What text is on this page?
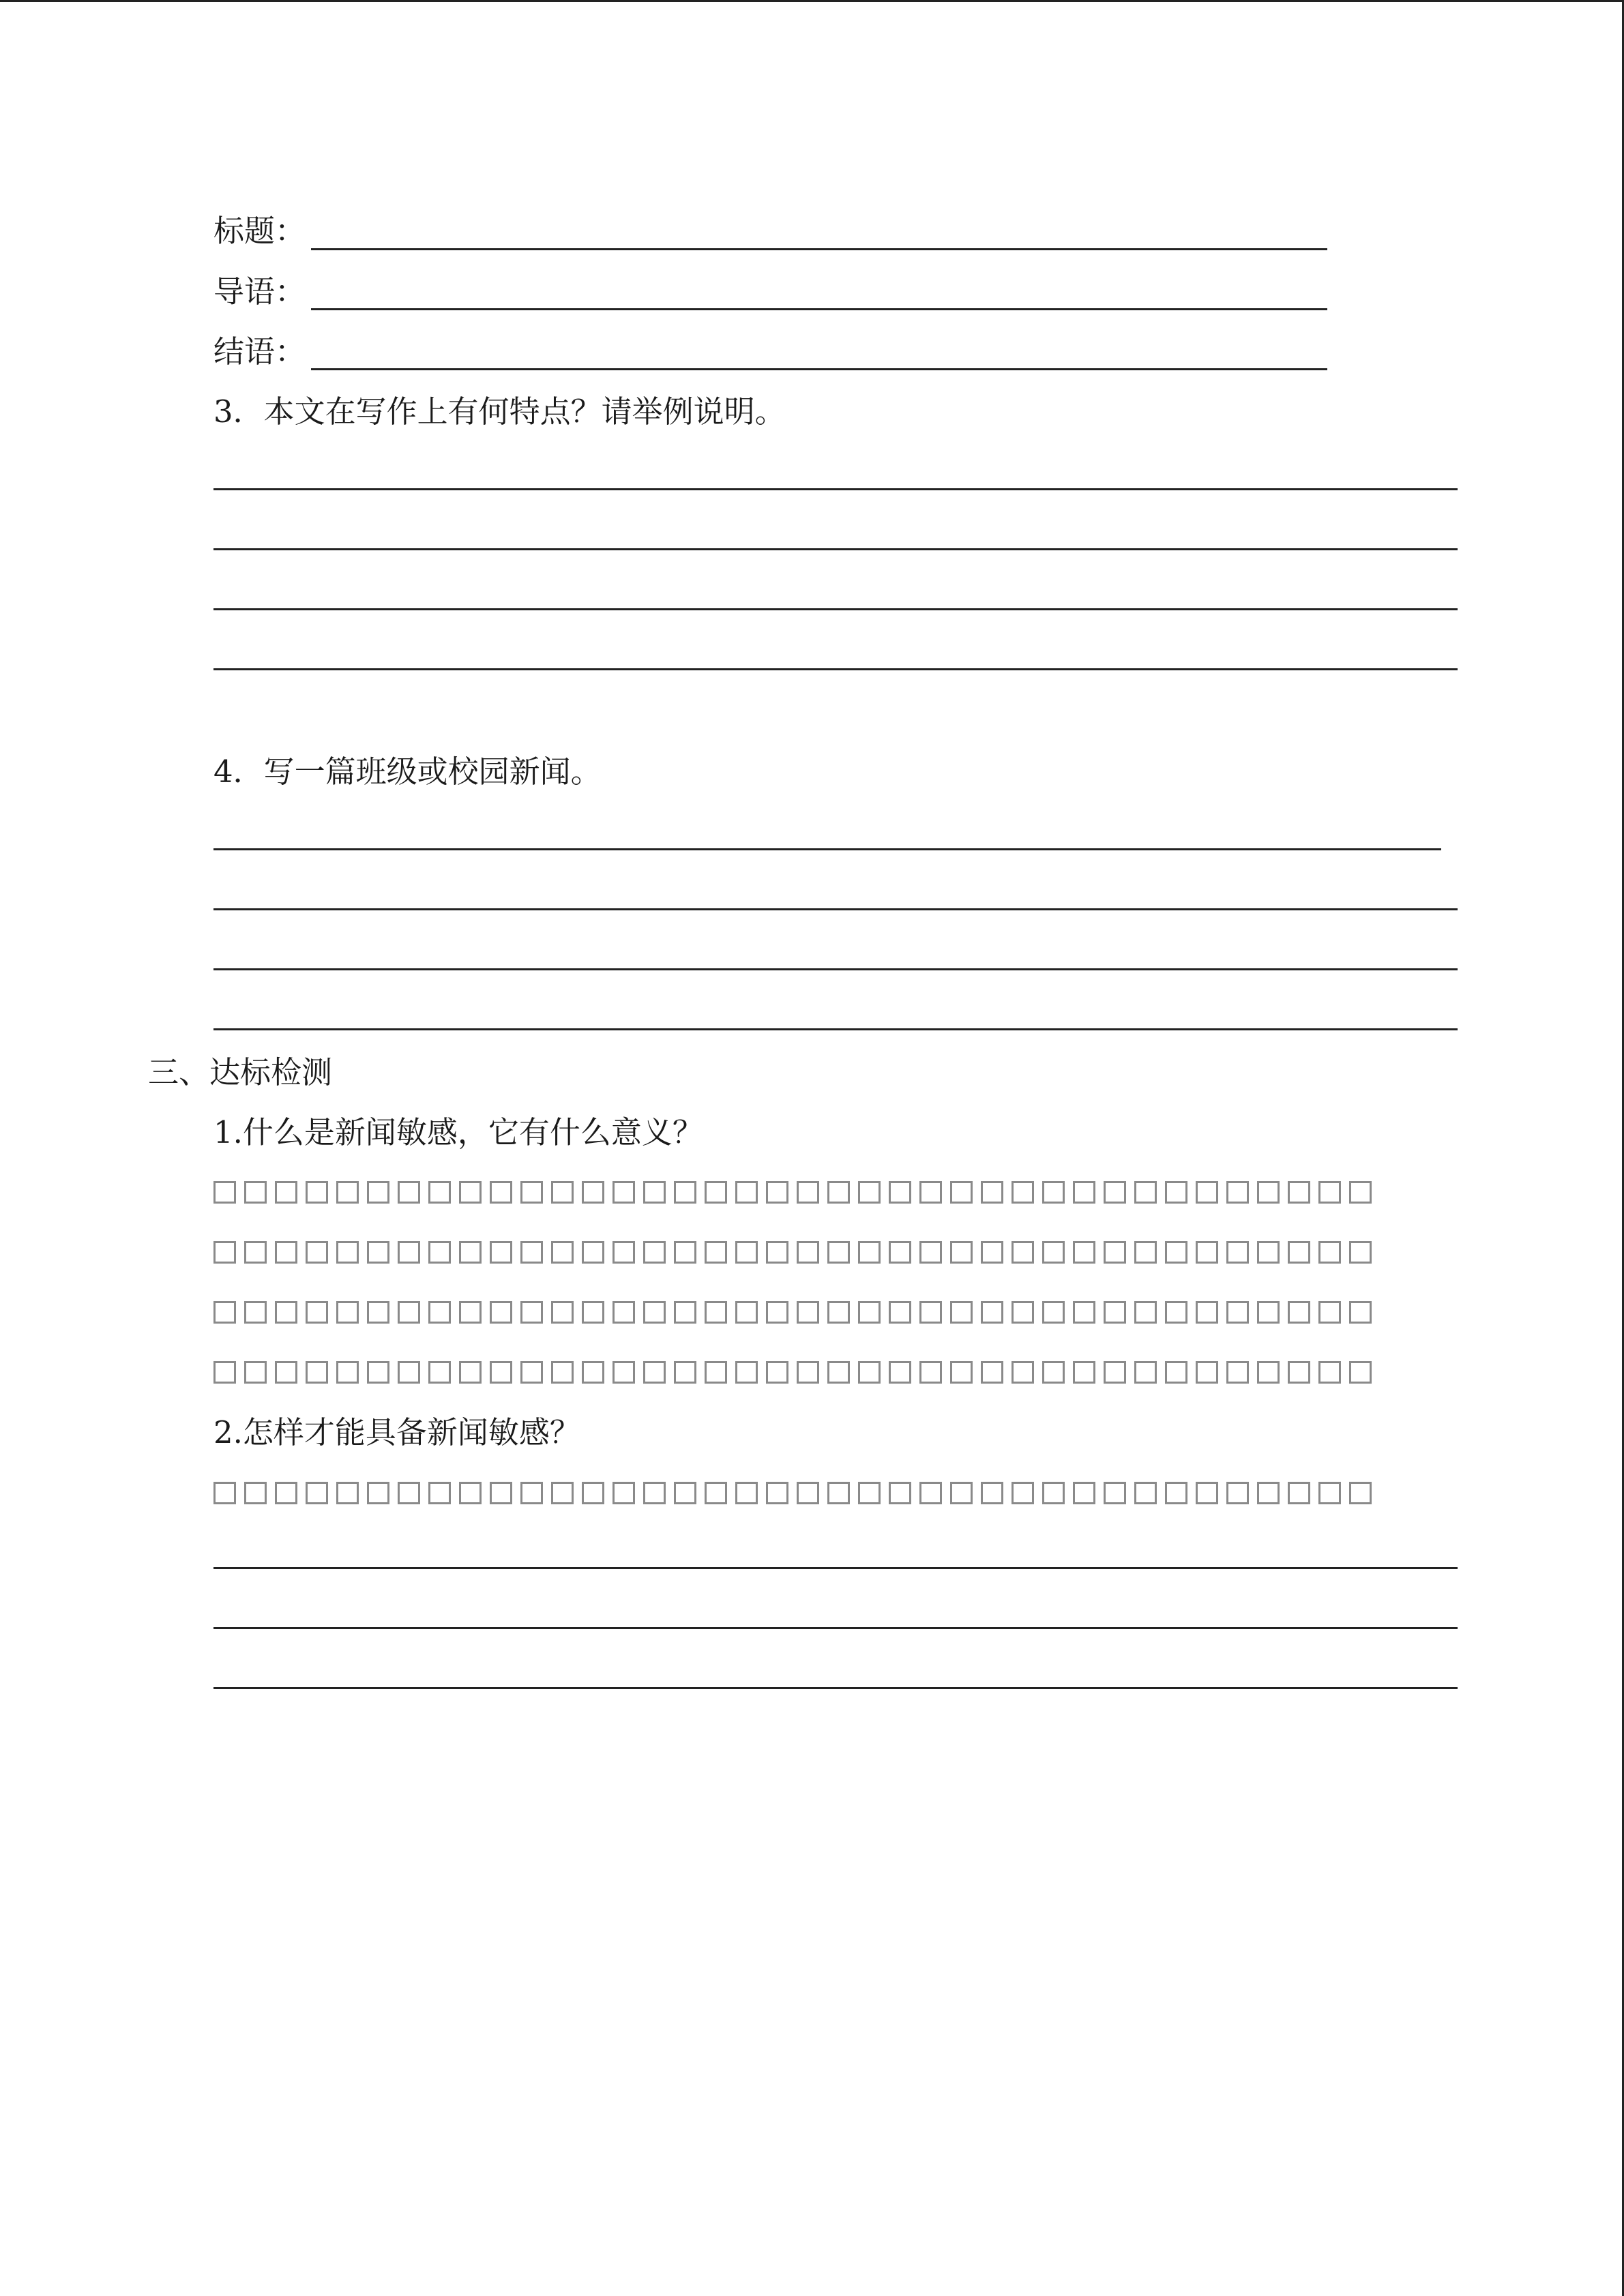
标题：
导语：
结语：
3．本文在写作上有何特点？请举例说明。
4．写一篇班级或校园新闻。
三、达标检测
1.什么是新闻敏感，它有什么意义？
2.怎样才能具备新闻敏感？
